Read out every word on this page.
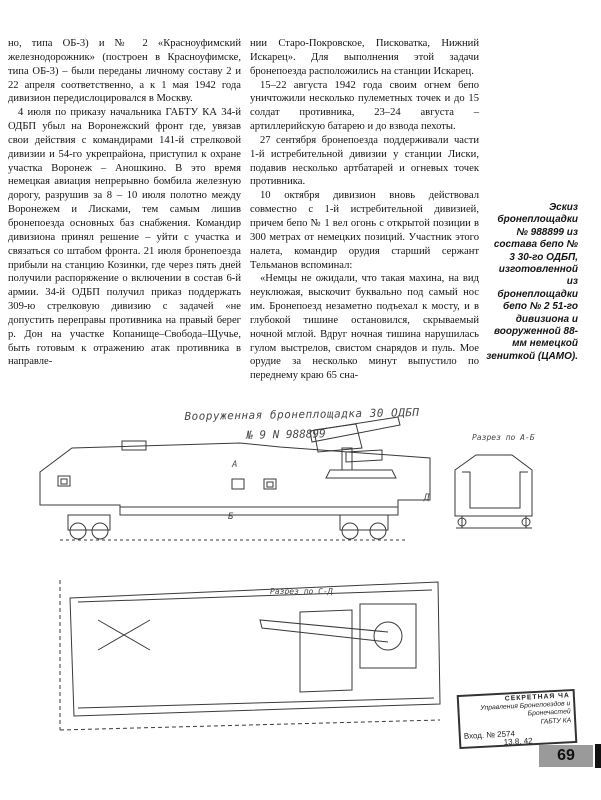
но, типа ОБ-3) и № 2 «Красноуфимский железнодорожник» (построен в Красноуфимске, типа ОБ-3) – были переданы личному составу 2 и 22 апреля соответственно, а к 1 мая 1942 года дивизион передислоцировался в Москву.

4 июля по приказу начальника ГАБТУ КА 34-й ОДБП убыл на Воронежский фронт где, увязав свои действия с командирами 141-й стрелковой дивизии и 54-го укрепрайона, приступил к охране участка Воронеж – Аношкино. В это время немецкая авиация непрерывно бомбила железную дорогу, разрушив за 8 – 10 июля полотно между Воронежем и Лисками, тем самым лишив бронепоезда основных баз снабжения. Командир дивизиона принял решение – уйти с участка и связаться со штабом фронта. 21 июля бронепоезда прибыли на станцию Козинки, где через пять дней получили распоряжение о включении в состав 6-й армии. 34-й ОДБП получил приказ поддержать 309-ю стрелковую дивизию с задачей «не допустить переправы противника на правый берег р. Дон на участке Копанище–Свобода–Щучье, быть готовым к отражению атак противника в направле-

нии Старо-Покровское, Писковатка, Нижний Искарец». Для выполнения этой задачи бронепоезда расположились на станции Искарец.

15–22 августа 1942 года своим огнем бепо уничтожили несколько пулеметных точек и до 15 солдат противника, 23–24 августа – артиллерийскую батарею и до взвода пехоты.

27 сентября бронепоезда поддерживали части 1-й истребительной дивизии у станции Лиски, подавив несколько артбатарей и огневых точек противника.

10 октября дивизион вновь действовал совместно с 1-й истребительной дивизией, причем бепо № 1 вел огонь с открытой позиции в 300 метрах от немецких позиций. Участник этого налета, командир орудия старший сержант Тельманов вспоминал:

«Немцы не ожидали, что такая махина, на вид неуклюжая, выскочит буквально под самый нос им. Бронепоезд незаметно подъехал к мосту, и в глубокой тишине остановился, скрываемый ночной мглой. Вдруг ночная тишина нарушилась гулом выстрелов, свистом снарядов и пуль. Мое орудие за несколько минут выпустило по переднему краю 65 сна-

Эскиз бронеплощадки № 988899 из состава бепо № 3 30-го ОДБП, изготовленной из бронеплощадки бепо № 2 51-го дивизиона и вооруженной 88-мм немецкой зениткой (ЦАМО).
Вооруженная бронеплощадка 30 ОДБП
№ 9 N 988899
Разрез по С-Д
Разрез по А-Б
А
Б
Д
СЕКРЕТНАЯ ЧА
Управления Бронепоездов и Бронечастей
ГАБТУ КА
Вход. № 2574
13.8. 42
69
